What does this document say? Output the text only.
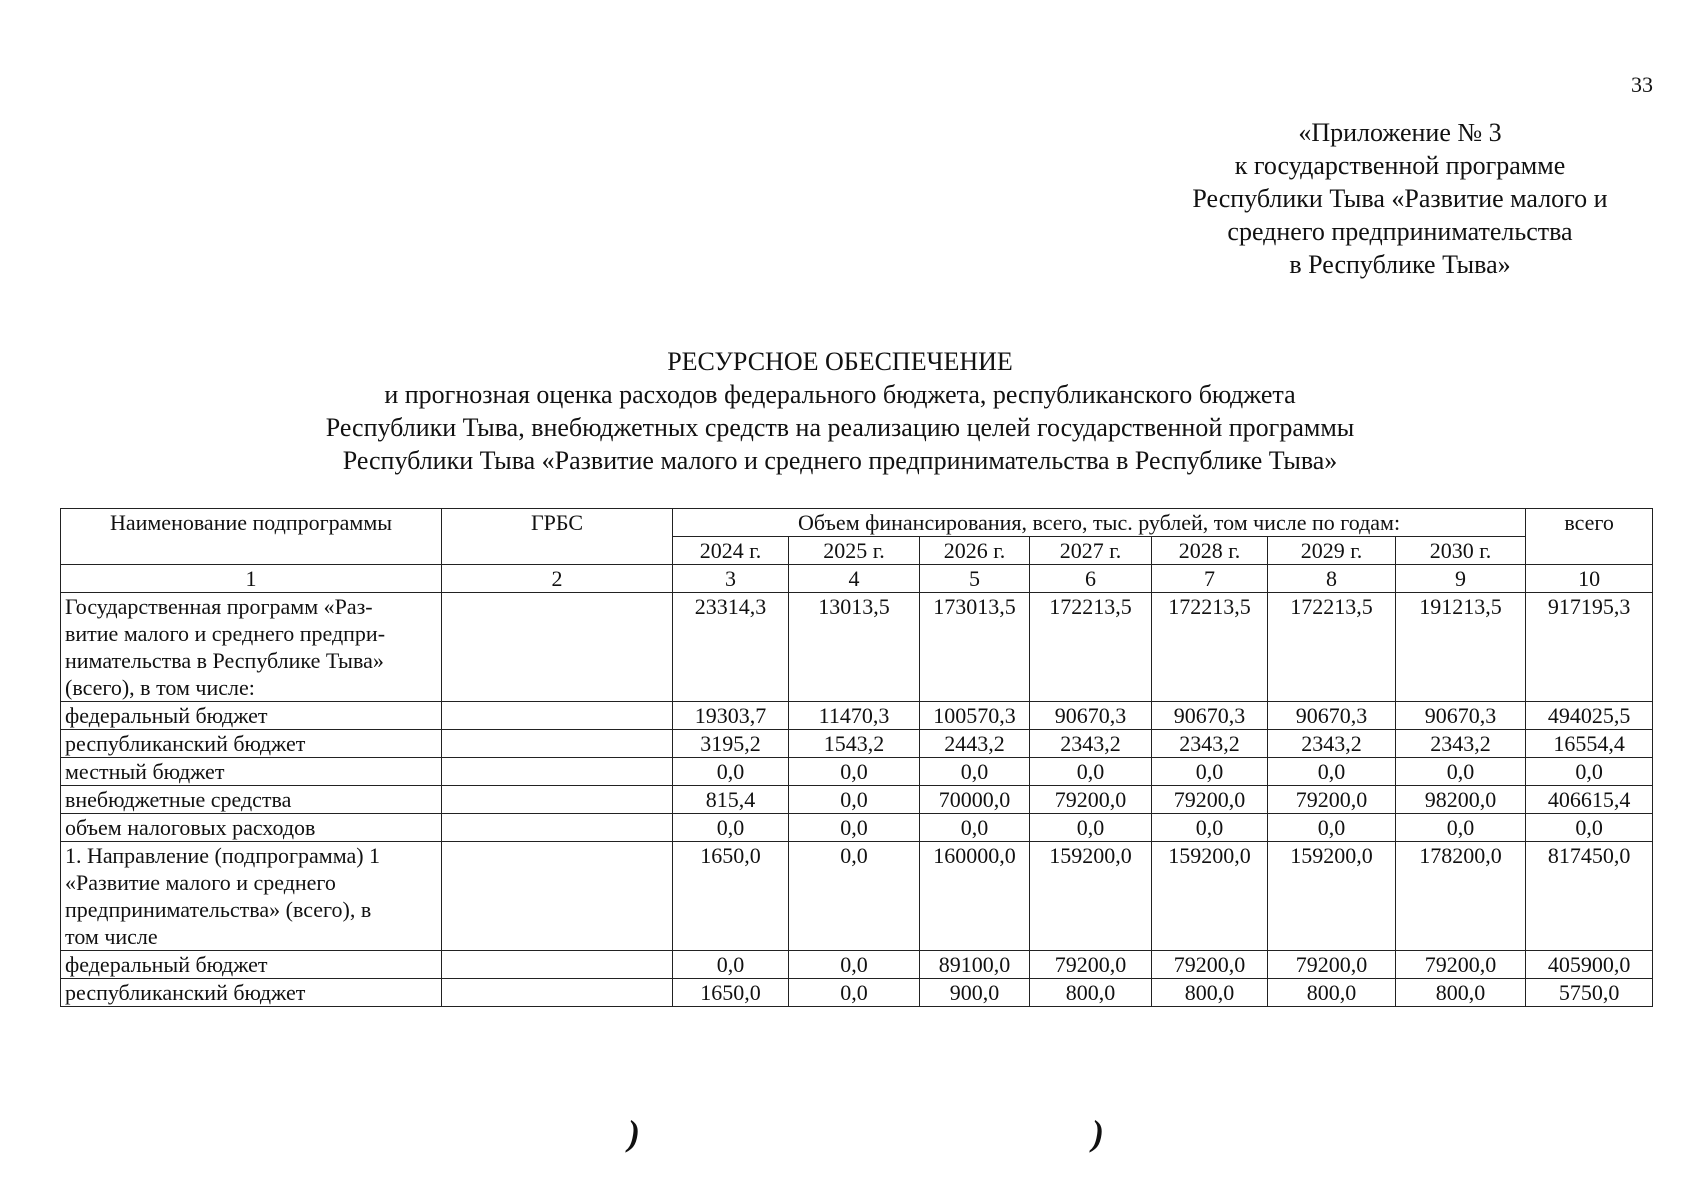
33
«Приложение № 3
к государственной программе
Республики Тыва «Развитие малого и
среднего предпринимательства
в Республике Тыва»
РЕСУРСНОЕ ОБЕСПЕЧЕНИЕ
и прогнозная оценка расходов федерального бюджета, республиканского бюджета
Республики Тыва, внебюджетных средств на реализацию целей государственной программы
Республики Тыва «Развитие малого и среднего предпринимательства в Республике Тыва»
Наименование подпрограммы	ГРБС	Объем финансирования, всего, тыс. рублей, том числе по годам:							всего
		2024 г.	2025 г.	2026 г.	2027 г.	2028 г.	2029 г.	2030 г.	
1	2	3	4	5	6	7	8	9	10

Государственная программ «Раз-
витие малого и среднего предпри-
нимательства в Республике Тыва»
(всего), в том числе:		23314,3	13013,5	173013,5	172213,5	172213,5	172213,5	191213,5	917195,3

федеральный бюджет		19303,7	11470,3	100570,3	90670,3	90670,3	90670,3	90670,3	494025,5

республиканский бюджет		3195,2	1543,2	2443,2	2343,2	2343,2	2343,2	2343,2	16554,4

местный бюджет		0,0	0,0	0,0	0,0	0,0	0,0	0,0	0,0

внебюджетные средства		815,4	0,0	70000,0	79200,0	79200,0	79200,0	98200,0	406615,4

объем налоговых расходов		0,0	0,0	0,0	0,0	0,0	0,0	0,0	0,0

1. Направление (подпрограмма) 1
«Развитие малого и среднего
предпринимательства» (всего), в
том числе		1650,0	0,0	160000,0	159200,0	159200,0	159200,0	178200,0	817450,0

федеральный бюджет		0,0	0,0	89100,0	79200,0	79200,0	79200,0	79200,0	405900,0

республиканский бюджет		1650,0	0,0	900,0	800,0	800,0	800,0	800,0	5750,0
)	)
